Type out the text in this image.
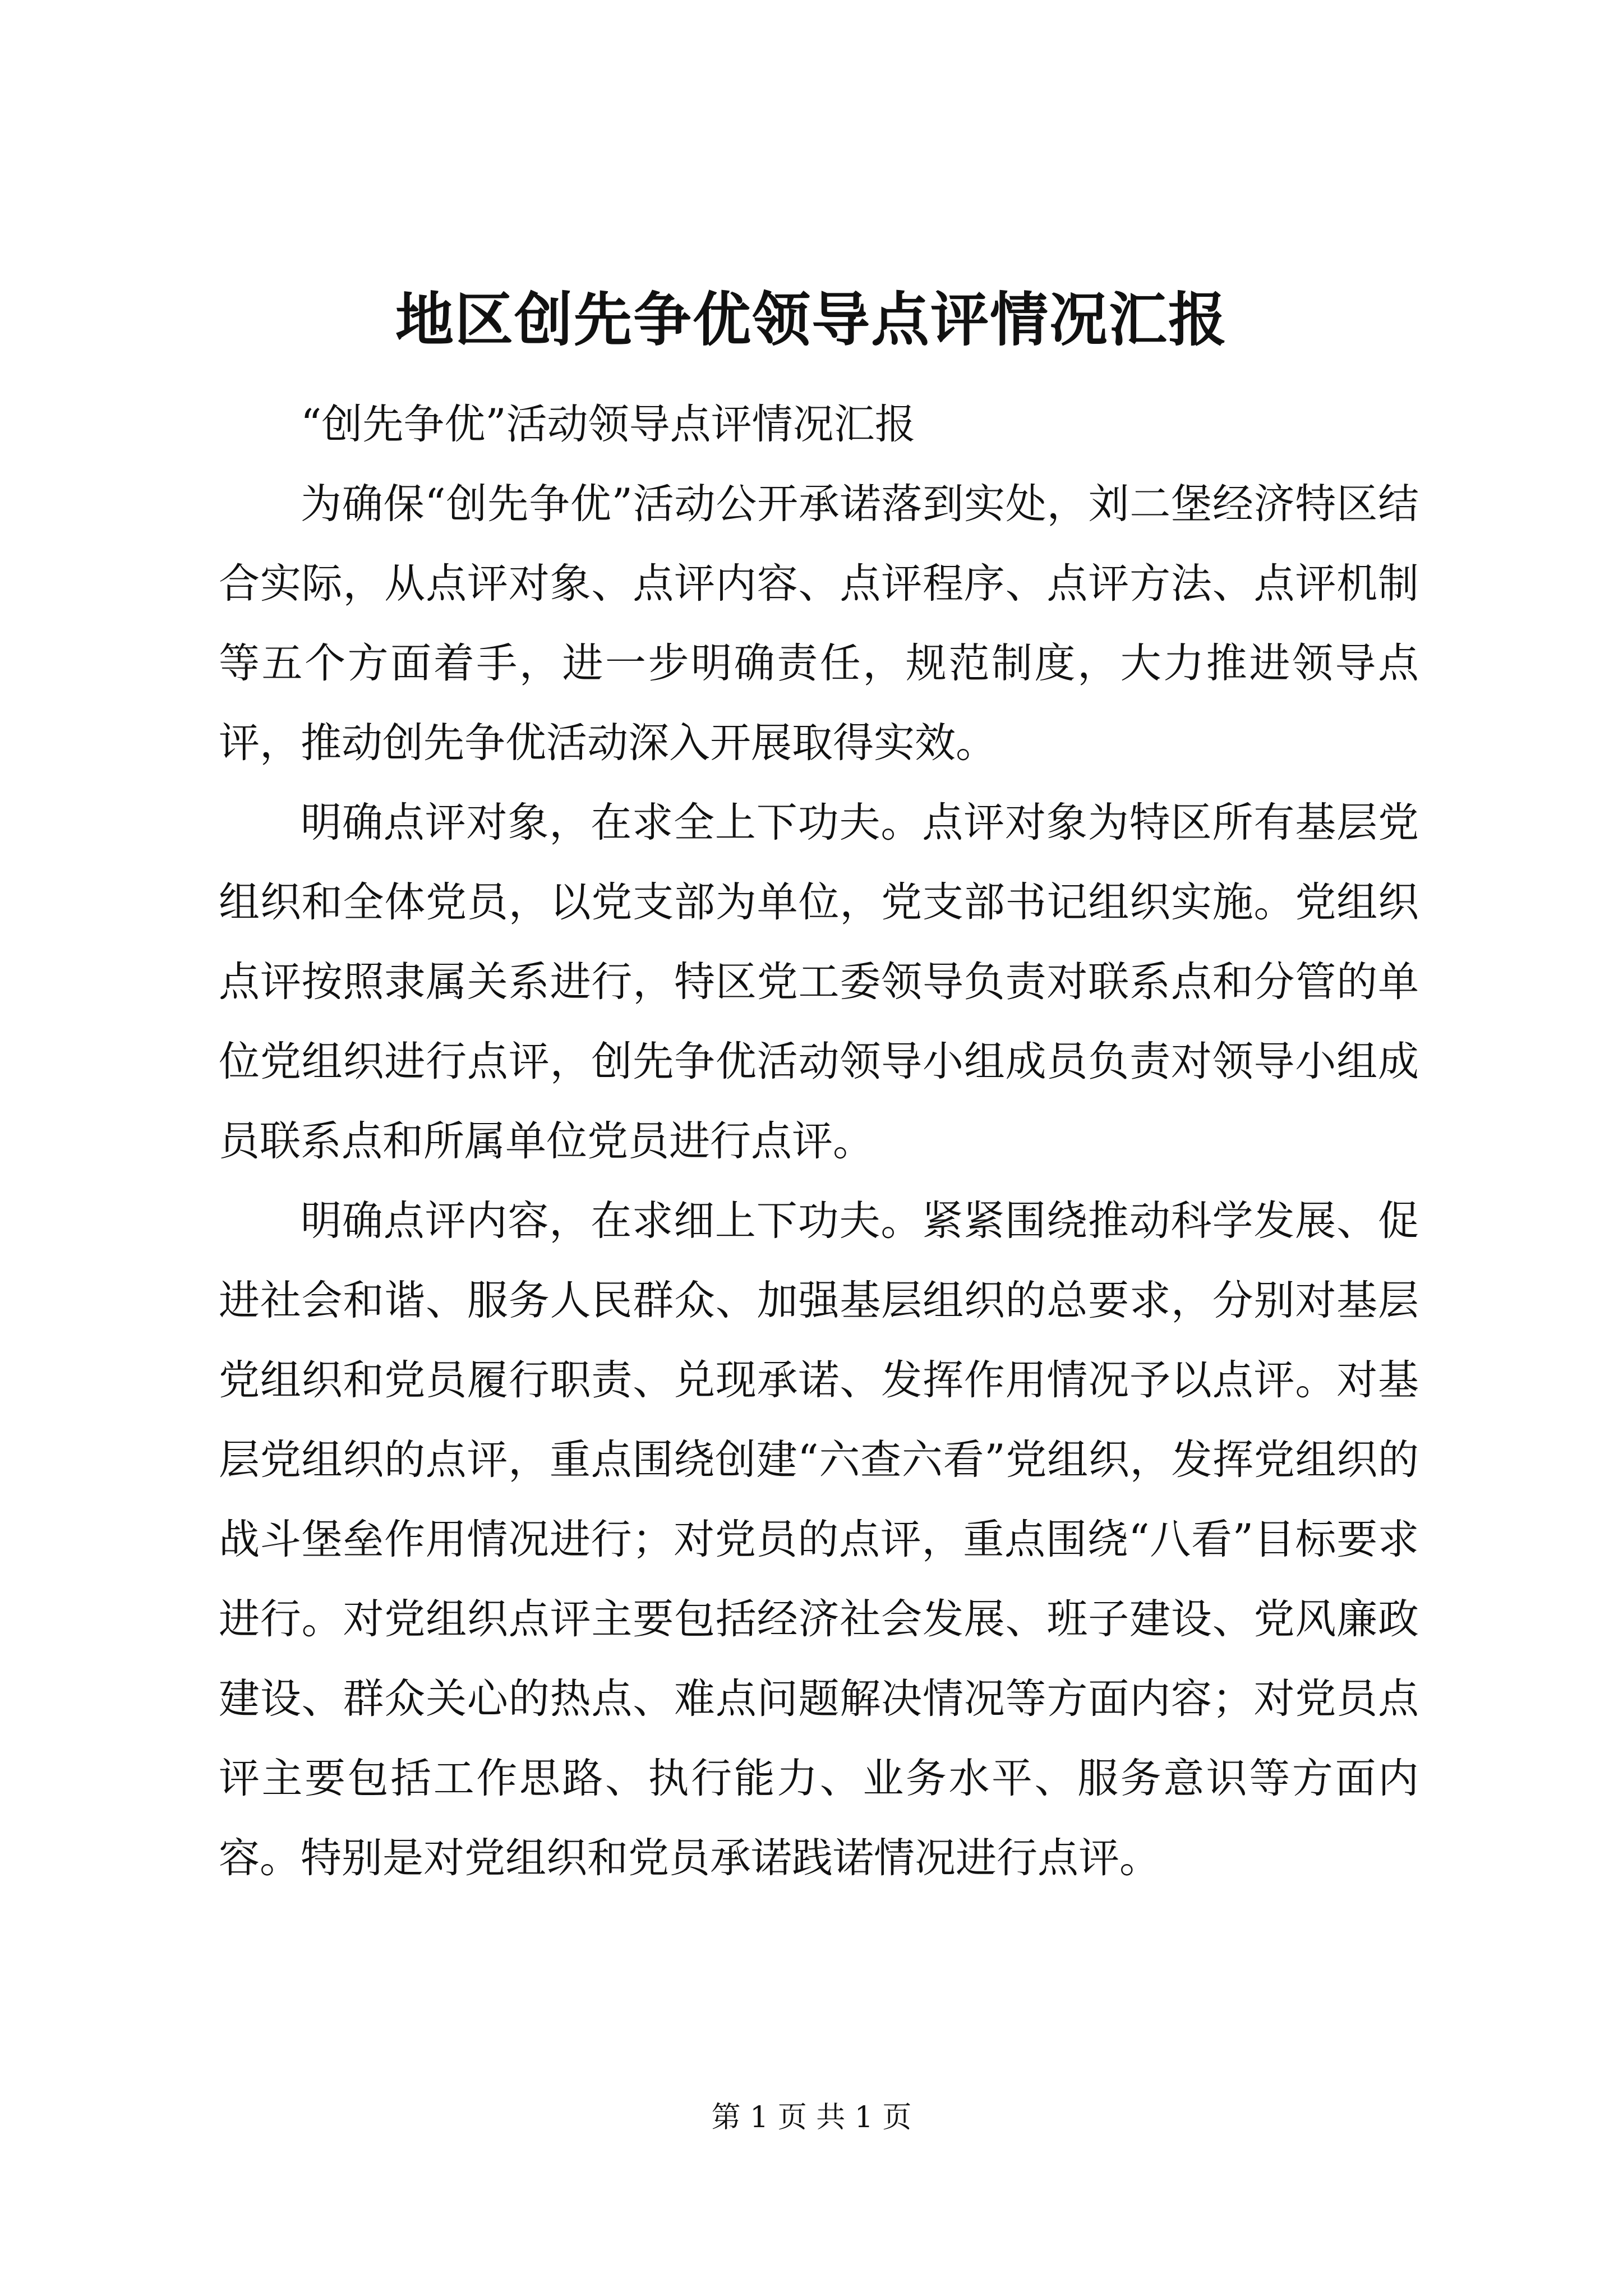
地区创先争优领导点评情况汇报

“创先争优”活动领导点评情况汇报

为确保“创先争优”活动公开承诺落到实处，刘二堡经济特区结合实际，从点评对象、点评内容、点评程序、点评方法、点评机制等五个方面着手，进一步明确责任，规范制度，大力推进领导点评，推动创先争优活动深入开展取得实效。

明确点评对象，在求全上下功夫。点评对象为特区所有基层党组织和全体党员，以党支部为单位，党支部书记组织实施。党组织点评按照隶属关系进行，特区党工委领导负责对联系点和分管的单位党组织进行点评，创先争优活动领导小组成员负责对领导小组成员联系点和所属单位党员进行点评。

明确点评内容，在求细上下功夫。紧紧围绕推动科学发展、促进社会和谐、服务人民群众、加强基层组织的总要求，分别对基层党组织和党员履行职责、兑现承诺、发挥作用情况予以点评。对基层党组织的点评，重点围绕创建“六查六看”党组织，发挥党组织的战斗堡垒作用情况进行；对党员的点评，重点围绕“八看”目标要求进行。对党组织点评主要包括经济社会发展、班子建设、党风廉政建设、群众关心的热点、难点问题解决情况等方面内容；对党员点评主要包括工作思路、执行能力、业务水平、服务意识等方面内容。特别是对党组织和党员承诺践诺情况进行点评。

第 1 页 共 1 页
